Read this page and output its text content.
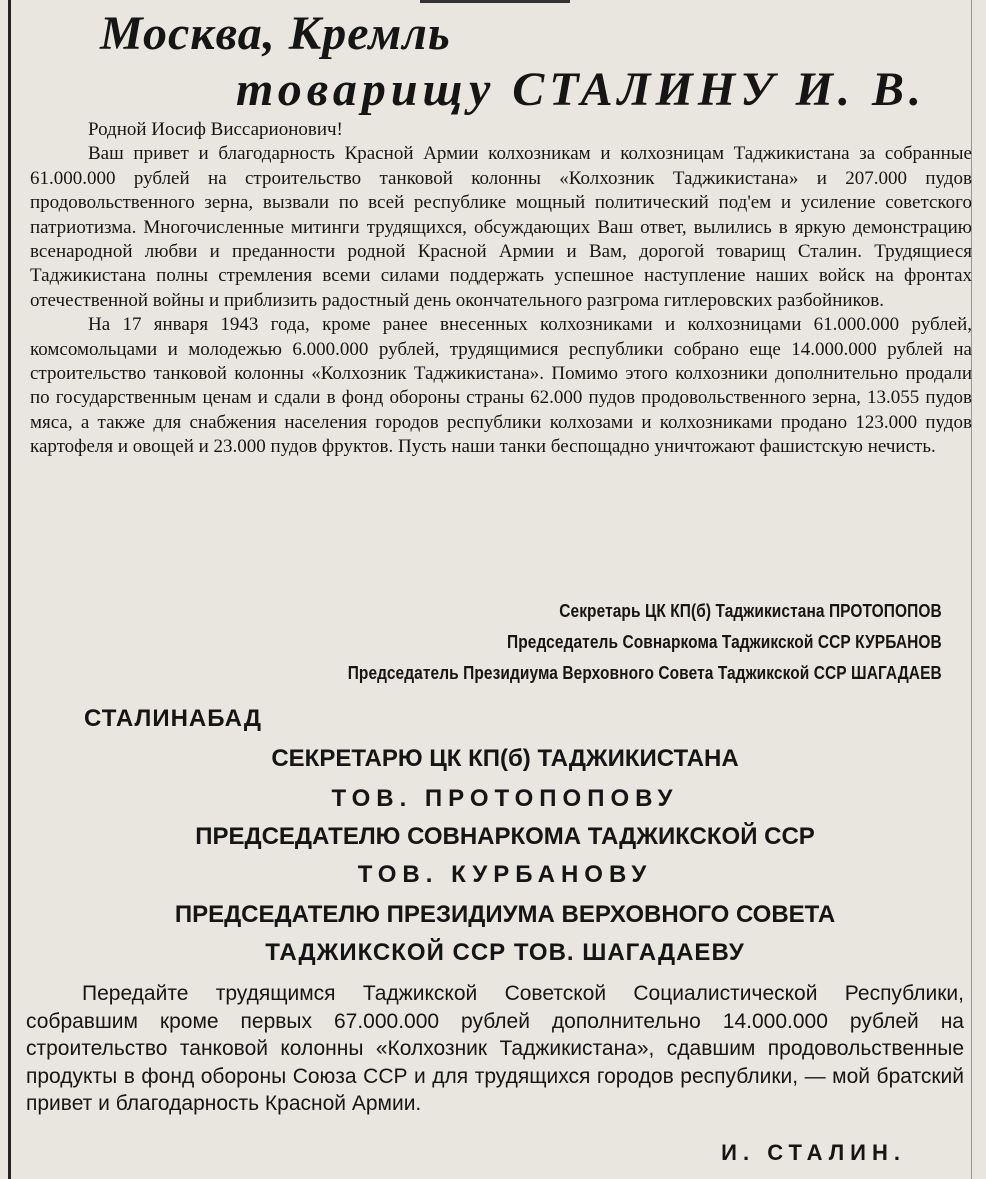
Москва, Кремль
товарищу СТАЛИНУ И. В.

Родной Иосиф Виссарионович!

Ваш привет и благодарность Красной Армии колхозникам и колхозницам Таджикистана за собранные 61.000.000 рублей на строительство танковой колонны «Колхозник Таджикистана» и 207.000 пудов продовольственного зерна, вызвали по всей республике мощный политический под'ем и усиление советского патриотизма. Многочисленные митинги трудящихся, обсуждающих Ваш ответ, вылились в яркую демонстрацию всенародной любви и преданности родной Красной Армии и Вам, дорогой товарищ Сталин. Трудящиеся Таджикистана полны стремления всеми силами поддержать успешное наступление наших войск на фронтах отечественной войны и приблизить радостный день окончательного разгрома гитлеровских разбойников.

На 17 января 1943 года, кроме ранее внесенных колхозниками и колхозницами 61.000.000 рублей, комсомольцами и молодежью 6.000.000 рублей, трудящимися республики собрано еще 14.000.000 рублей на строительство танковой колонны «Колхозник Таджикистана». Помимо этого колхозники дополнительно продали по государственным ценам и сдали в фонд обороны страны 62.000 пудов продовольственного зерна, 13.055 пудов мяса, а также для снабжения населения городов республики колхозами и колхозниками продано 123.000 пудов картофеля и овощей и 23.000 пудов фруктов. Пусть наши танки беспощадно уничтожают фашистскую нечисть.

Секретарь ЦК КП(б) Таджикистана ПРОТОПОПОВ
Председатель Совнаркома Таджикской ССР КУРБАНОВ
Председатель Президиума Верховного Совета Таджикской ССР ШАГАДАЕВ
СТАЛИНАБАД
СЕКРЕТАРЮ ЦК КП(б) ТАДЖИКИСТАНА
ТОВ. ПРОТОПОПОВУ
ПРЕДСЕДАТЕЛЮ СОВНАРКОМА ТАДЖИКСКОЙ ССР
ТОВ. КУРБАНОВУ
ПРЕДСЕДАТЕЛЮ ПРЕЗИДИУМА ВЕРХОВНОГО СОВЕТА
ТАДЖИКСКОЙ ССР ТОВ. ШАГАДАЕВУ

Передайте трудящимся Таджикской Советской Социалистической Республики, собравшим кроме первых 67.000.000 рублей дополнительно 14.000.000 рублей на строительство танковой колонны «Колхозник Таджикистана», сдавшим продовольственные продукты в фонд обороны Союза ССР и для трудящихся городов республики, — мой братский привет и благодарность Красной Армии.

И. СТАЛИН.
